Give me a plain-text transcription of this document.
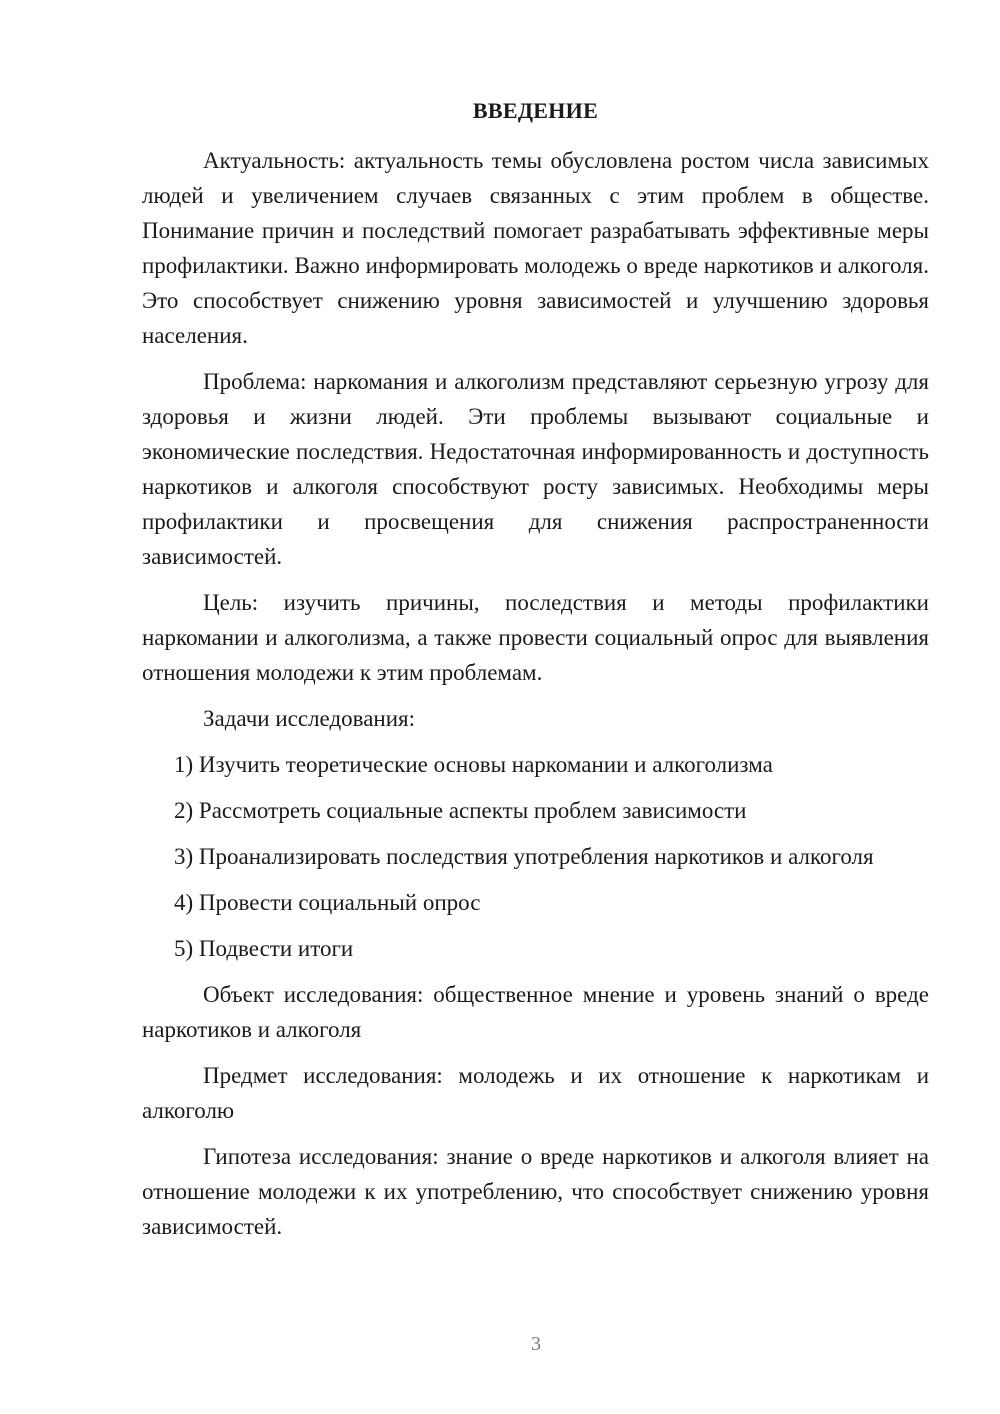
ВВЕДЕНИЕ

Актуальность: актуальность темы обусловлена ростом числа зависимых людей и увеличением случаев связанных с этим проблем в обществе. Понимание причин и последствий помогает разрабатывать эффективные меры профилактики. Важно информировать молодежь о вреде наркотиков и алкоголя. Это способствует снижению уровня зависимостей и улучшению здоровья населения.

Проблема: наркомания и алкоголизм представляют серьезную угрозу для здоровья и жизни людей. Эти проблемы вызывают социальные и экономические последствия. Недостаточная информированность и доступность наркотиков и алкоголя способствуют росту зависимых. Необходимы меры профилактики и просвещения для снижения распространенности зависимостей.

Цель: изучить причины, последствия и методы профилактики наркомании и алкоголизма, а также провести социальный опрос для выявления отношения молодежи к этим проблемам.

Задачи исследования:

1) Изучить теоретические основы наркомании и алкоголизма

2) Рассмотреть социальные аспекты проблем зависимости

3) Проанализировать последствия употребления наркотиков и алкоголя

4) Провести социальный опрос

5) Подвести итоги

Объект исследования: общественное мнение и уровень знаний о вреде наркотиков и алкоголя

Предмет исследования: молодежь и их отношение к наркотикам и алкоголю

Гипотеза исследования: знание о вреде наркотиков и алкоголя влияет на отношение молодежи к их употреблению, что способствует снижению уровня зависимостей.

3
